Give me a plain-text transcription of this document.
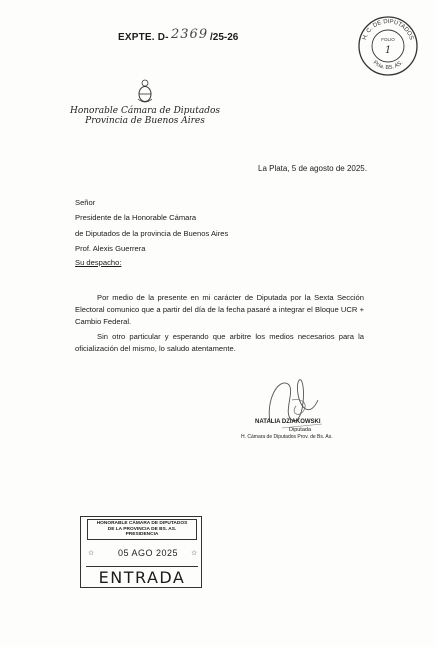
EXPTE. D- 2369 /25-26	H. C. DE DIPUTADOS
Pcia. BS. AS.
FOLIO
1
Honorable Cámara de Diputados
Provincia de Buenos Aires
La Plata, 5 de agosto de 2025.
Señor
Presidente de la Honorable Cámara
de Diputados de la provincia de Buenos Aires
Prof. Alexis Guerrera
Su despacho:
Por medio de la presente en mi carácter de Diputada por la Sexta Sección Electoral comunico que a partir del día de la fecha pasaré a integrar el Bloque UCR + Cambio Federal.
Sin otro particular y esperando que arbitre los medios necesarios para la oficialización del mismo, lo saludo atentamente.
NATALIA DZIAKOWSKI
Diputada
H. Cámara de Diputados Prov. de Bs. As.
HONORABLE CÁMARA DE DIPUTADOS
DE LA PROVINCIA DE BS. AS.
PRESIDENCIA
☆	05 AGO 2025 ☆
ENTRADA
